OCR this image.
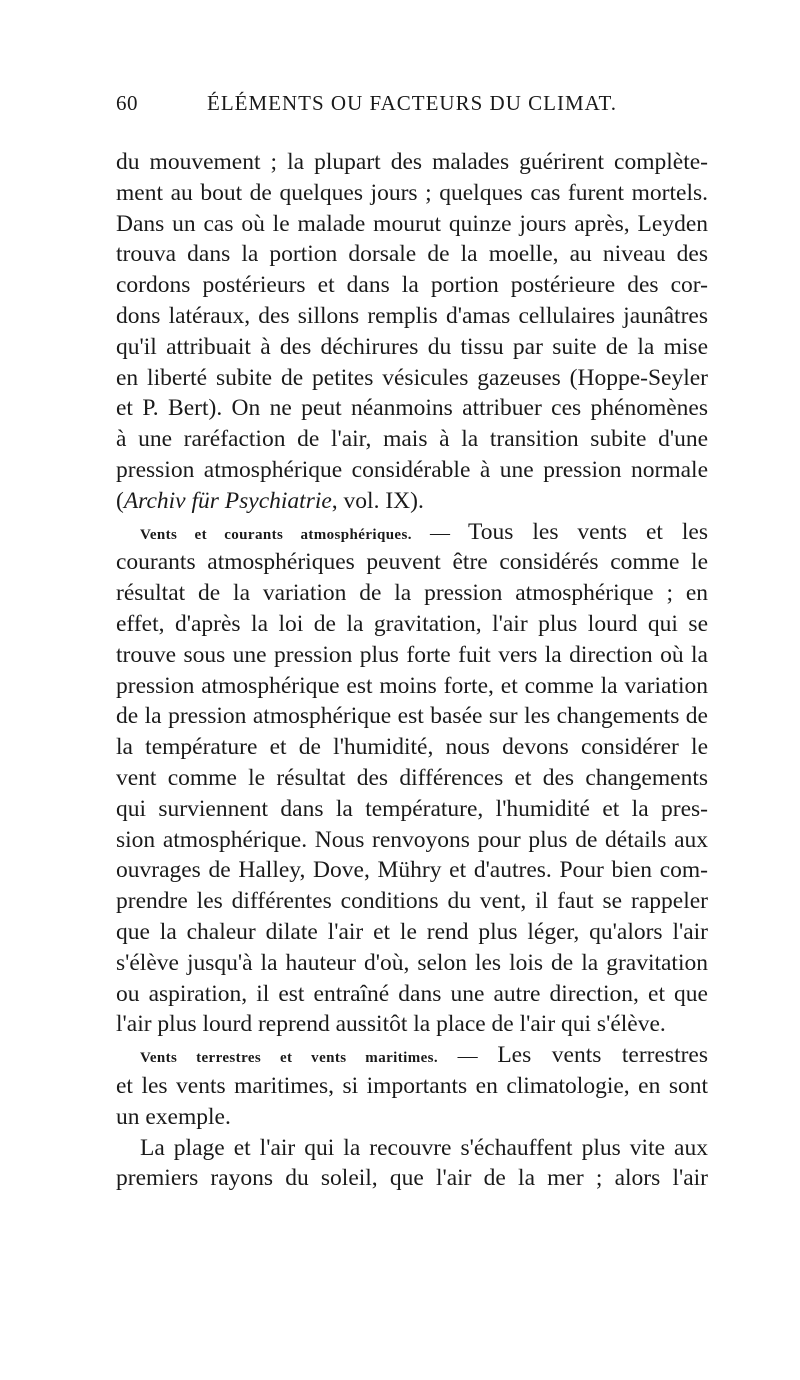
60	ÉLÉMENTS OU FACTEURS DU CLIMAT.
du mouvement ; la plupart des malades guérirent complète-
ment au bout de quelques jours ; quelques cas furent mortels.
Dans un cas où le malade mourut quinze jours après, Leyden
trouva dans la portion dorsale de la moelle, au niveau des
cordons postérieurs et dans la portion postérieure des cor-
dons latéraux, des sillons remplis d'amas cellulaires jaunâtres
qu'il attribuait à des déchirures du tissu par suite de la mise
en liberté subite de petites vésicules gazeuses (Hoppe-Seyler
et P. Bert). On ne peut néanmoins attribuer ces phénomènes
à une raréfaction de l'air, mais à la transition subite d'une
pression atmosphérique considérable à une pression normale
(Archiv für Psychiatrie, vol. IX).
Vents et courants atmosphériques. — Tous les vents et les
courants atmosphériques peuvent être considérés comme le
résultat de la variation de la pression atmosphérique ; en
effet, d'après la loi de la gravitation, l'air plus lourd qui se
trouve sous une pression plus forte fuit vers la direction où la
pression atmosphérique est moins forte, et comme la variation
de la pression atmosphérique est basée sur les changements de
la température et de l'humidité, nous devons considérer le
vent comme le résultat des différences et des changements
qui surviennent dans la température, l'humidité et la pres-
sion atmosphérique. Nous renvoyons pour plus de détails aux
ouvrages de Halley, Dove, Mühry et d'autres. Pour bien com-
prendre les différentes conditions du vent, il faut se rappeler
que la chaleur dilate l'air et le rend plus léger, qu'alors l'air
s'élève jusqu'à la hauteur d'où, selon les lois de la gravitation
ou aspiration, il est entraîné dans une autre direction, et que
l'air plus lourd reprend aussitôt la place de l'air qui s'élève.
Vents terrestres et vents maritimes. — Les vents terrestres
et les vents maritimes, si importants en climatologie, en sont
un exemple.
La plage et l'air qui la recouvre s'échauffent plus vite aux
premiers rayons du soleil, que l'air de la mer ; alors l'air
